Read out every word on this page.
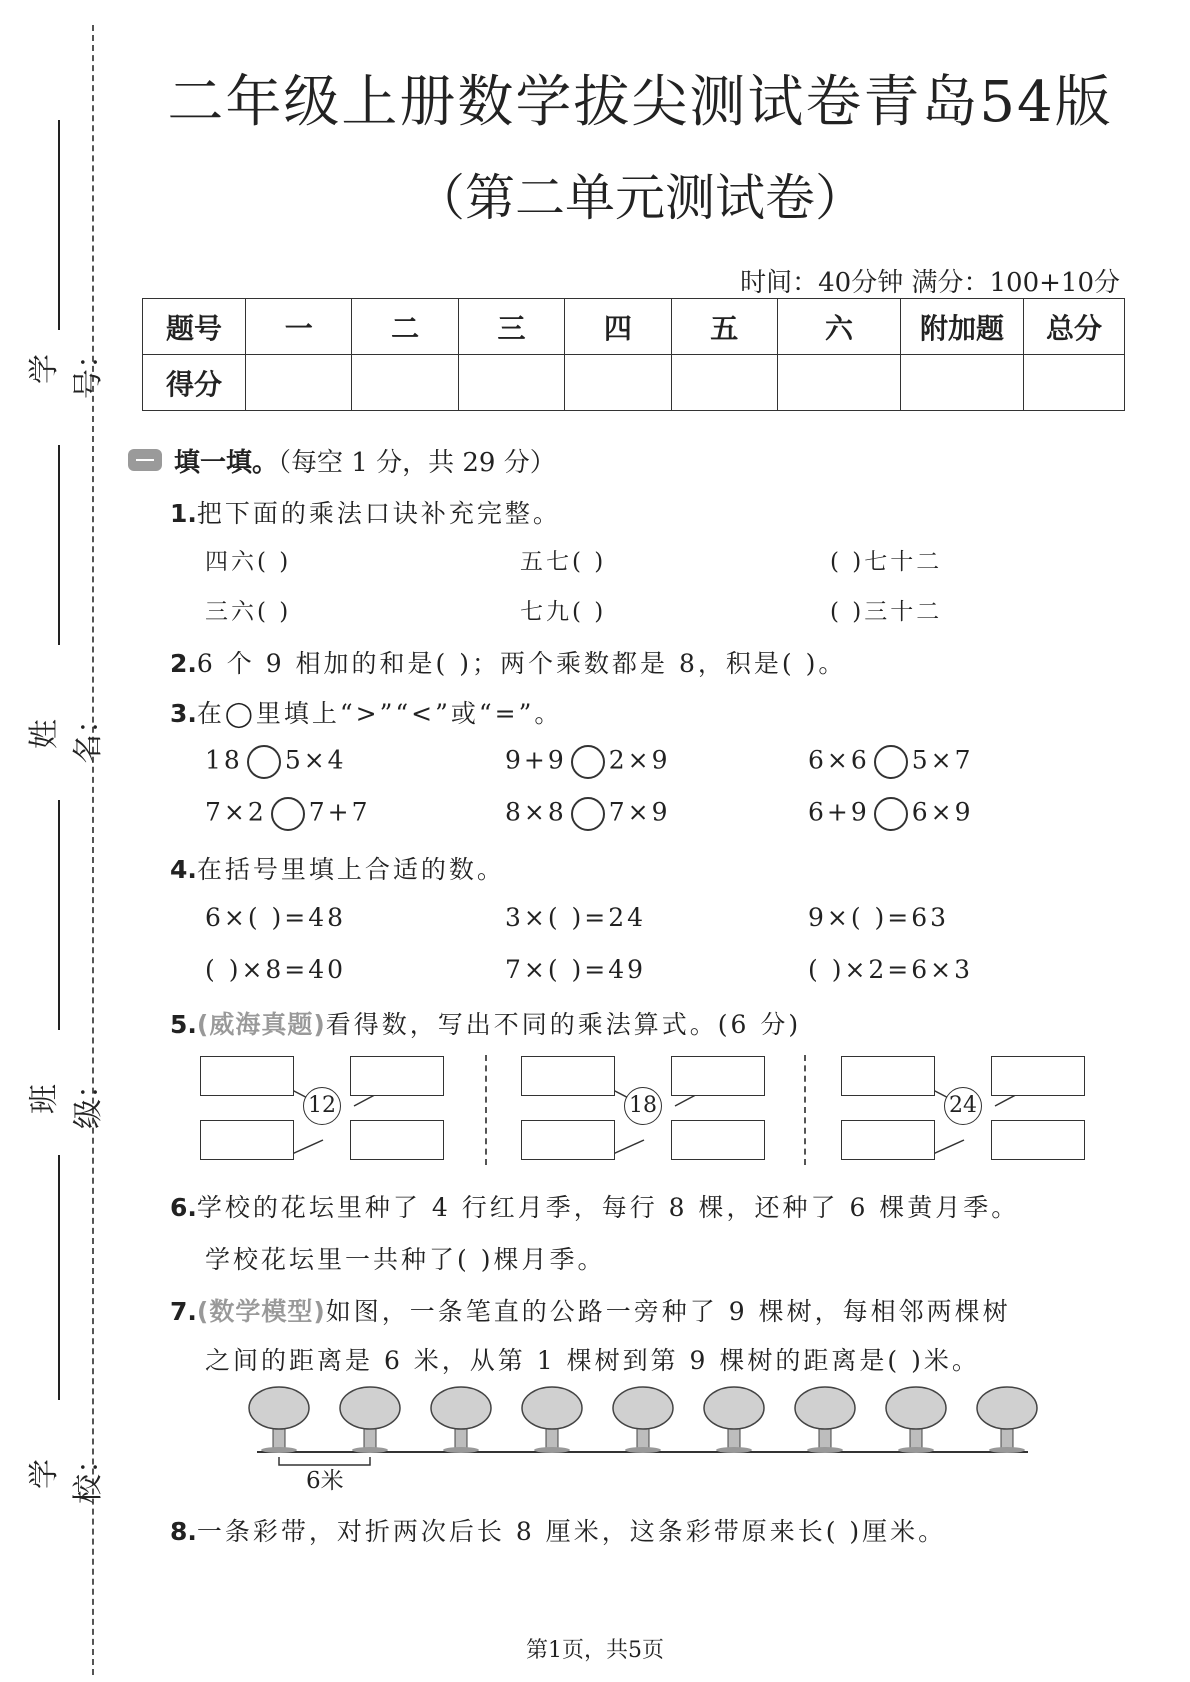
学号：
姓名：
班级：
学校：
二年级上册数学拔尖测试卷青岛54版
（第二单元测试卷）
时间：40分钟 满分：100+10分
题号	一	二	三	四	五	六	附加题	总分
得分								
填一填。（每空 1 分，共 29 分）
1.把下面的乘法口诀补充完整。
四六( )	五七( )	( )七十二
三六( )	七九( )	( )三十二
2.6 个 9 相加的和是( )；两个乘数都是 8，积是( )。
3.在◯里填上“>”“<”或“=”。
18 5×4	9+9 2×9	6×6 5×7
7×2 7+7	8×8 7×9	6+9 6×9
4.在括号里填上合适的数。
6×( )=48	3×( )=24	9×( )=63
( )×8=40	7×( )=49	( )×2=6×3
5.(威海真题)看得数，写出不同的乘法算式。(6 分)
12	18	24
6.学校的花坛里种了 4 行红月季，每行 8 棵，还种了 6 棵黄月季。
学校花坛里一共种了( )棵月季。
7.(数学模型)如图，一条笔直的公路一旁种了 9 棵树，每相邻两棵树
之间的距离是 6 米，从第 1 棵树到第 9 棵树的距离是( )米。
6米
8.一条彩带，对折两次后长 8 厘米，这条彩带原来长( )厘米。
第1页，共5页
